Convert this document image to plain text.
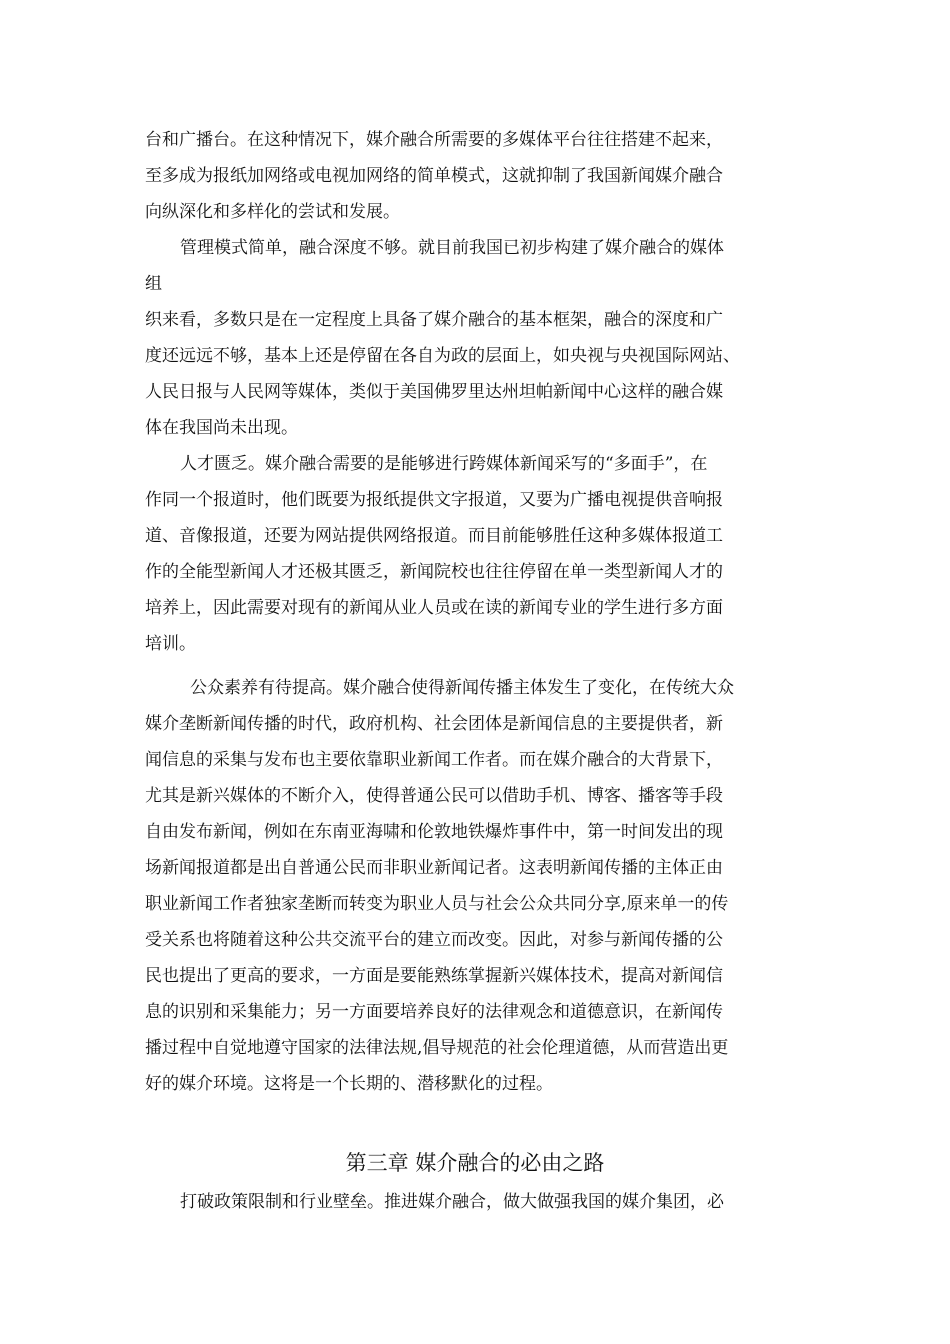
台和广播台。在这种情况下，媒介融合所需要的多媒体平台往往搭建不起来，
至多成为报纸加网络或电视加网络的简单模式，这就抑制了我国新闻媒介融合
向纵深化和多样化的尝试和发展。
管理模式简单，融合深度不够。就目前我国已初步构建了媒介融合的媒体
组
织来看，多数只是在一定程度上具备了媒介融合的基本框架，融合的深度和广
度还远远不够，基本上还是停留在各自为政的层面上，如央视与央视国际网站、
人民日报与人民网等媒体，类似于美国佛罗里达州坦帕新闻中心这样的融合媒
体在我国尚未出现。
人才匮乏。媒介融合需要的是能够进行跨媒体新闻采写的“多面手”，在
作同一个报道时，他们既要为报纸提供文字报道，又要为广播电视提供音响报
道、音像报道，还要为网站提供网络报道。而目前能够胜任这种多媒体报道工
作的全能型新闻人才还极其匮乏，新闻院校也往往停留在单一类型新闻人才的
培养上，因此需要对现有的新闻从业人员或在读的新闻专业的学生进行多方面
培训。
公众素养有待提高。媒介融合使得新闻传播主体发生了变化，在传统大众
媒介垄断新闻传播的时代，政府机构、社会团体是新闻信息的主要提供者，新
闻信息的采集与发布也主要依靠职业新闻工作者。而在媒介融合的大背景下，
尤其是新兴媒体的不断介入，使得普通公民可以借助手机、博客、播客等手段
自由发布新闻，例如在东南亚海啸和伦敦地铁爆炸事件中，第一时间发出的现
场新闻报道都是出自普通公民而非职业新闻记者。这表明新闻传播的主体正由
职业新闻工作者独家垄断而转变为职业人员与社会公众共同分享,原来单一的传
受关系也将随着这种公共交流平台的建立而改变。因此，对参与新闻传播的公
民也提出了更高的要求，一方面是要能熟练掌握新兴媒体技术，提高对新闻信
息的识别和采集能力；另一方面要培养良好的法律观念和道德意识，在新闻传
播过程中自觉地遵守国家的法律法规,倡导规范的社会伦理道德，从而营造出更
好的媒介环境。这将是一个长期的、潜移默化的过程。
第三章 媒介融合的必由之路
打破政策限制和行业壁垒。推进媒介融合，做大做强我国的媒介集团，必
